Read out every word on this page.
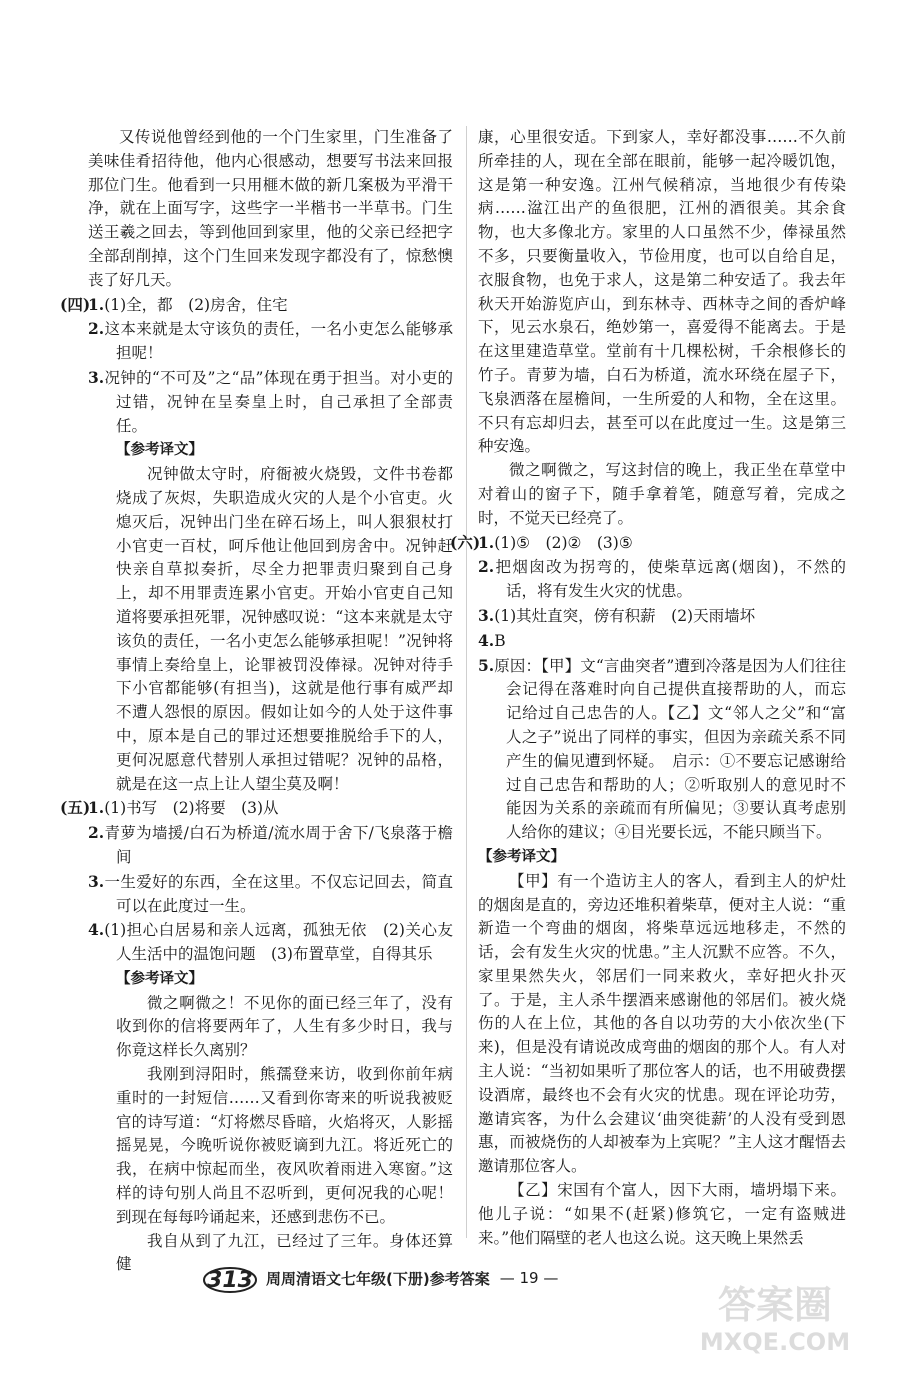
又传说他曾经到他的一个门生家里，门生准备了美味佳肴招待他，他内心很感动，想要写书法来回报那位门生。他看到一只用榧木做的新几案极为平滑干净，就在上面写字，这些字一半楷书一半草书。门生送王羲之回去，等到他回到家里，他的父亲已经把字全部刮削掉，这个门生回来发现字都没有了，惊愁懊丧了好几天。

(四)1.(1)全，都　(2)房舍，住宅

2.这本来就是太守该负的责任，一名小吏怎么能够承担呢！

3.况钟的“不可及”之“品”体现在勇于担当。对小吏的过错，况钟在呈奏皇上时，自己承担了全部责任。

【参考译文】

况钟做太守时，府衙被火烧毁，文件书卷都烧成了灰烬，失职造成火灾的人是个小官吏。火熄灭后，况钟出门坐在碎石场上，叫人狠狠杖打小官吏一百杖，呵斥他让他回到房舍中。况钟赶快亲自草拟奏折，尽全力把罪责归聚到自己身上，却不用罪责连累小官吏。开始小官吏自己知道将要承担死罪，况钟感叹说：“这本来就是太守该负的责任，一名小吏怎么能够承担呢！”况钟将事情上奏给皇上，论罪被罚没俸禄。况钟对待手下小官都能够(有担当)，这就是他行事有威严却不遭人怨恨的原因。假如让如今的人处于这件事中，原本是自己的罪过还想要推脱给手下的人，更何况愿意代替别人承担过错呢？况钟的品格，就是在这一点上让人望尘莫及啊！

(五)1.(1)书写　(2)将要　(3)从

2.青萝为墙援/白石为桥道/流水周于舍下/飞泉落于檐间

3.一生爱好的东西，全在这里。不仅忘记回去，简直可以在此度过一生。

4.(1)担心白居易和亲人远离，孤独无依　(2)关心友人生活中的温饱问题　(3)布置草堂，自得其乐

【参考译文】

微之啊微之！不见你的面已经三年了，没有收到你的信将要两年了，人生有多少时日，我与你竟这样长久离别？

我刚到浔阳时，熊孺登来访，收到你前年病重时的一封短信……又看到你寄来的听说我被贬官的诗写道：“灯将燃尽昏暗，火焰将灭，人影摇摇晃晃，今晚听说你被贬谪到九江。将近死亡的我，在病中惊起而坐，夜风吹着雨进入寒窗。”这样的诗句别人尚且不忍听到，更何况我的心呢！到现在每每吟诵起来，还感到悲伤不已。

我自从到了九江，已经过了三年。身体还算健

康，心里很安适。下到家人，幸好都没事……不久前所牵挂的人，现在全部在眼前，能够一起冷暖饥饱，这是第一种安逸。江州气候稍凉，当地很少有传染病……湓江出产的鱼很肥，江州的酒很美。其余食物，也大多像北方。家里的人口虽然不少，俸禄虽然不多，只要衡量收入，节俭用度，也可以自给自足，衣服食物，也免于求人，这是第二种安适了。我去年秋天开始游览庐山，到东林寺、西林寺之间的香炉峰下，见云水泉石，绝妙第一，喜爱得不能离去。于是在这里建造草堂。堂前有十几棵松树，千余根修长的竹子。青萝为墙，白石为桥道，流水环绕在屋子下，飞泉洒落在屋檐间，一生所爱的人和物，全在这里。不只有忘却归去，甚至可以在此度过一生。这是第三种安逸。

微之啊微之，写这封信的晚上，我正坐在草堂中对着山的窗子下，随手拿着笔，随意写着，完成之时，不觉天已经亮了。

(六)1.(1)⑤　(2)②　(3)⑤

2.把烟囱改为拐弯的，使柴草远离(烟囱)，不然的话，将有发生火灾的忧患。

3.(1)其灶直突，傍有积薪　(2)天雨墙坏

4.B

5.原因：【甲】文“言曲突者”遭到冷落是因为人们往往会记得在落难时向自己提供直接帮助的人，而忘记给过自己忠告的人。【乙】文“邻人之父”和“富人之子”说出了同样的事实，但因为亲疏关系不同产生的偏见遭到怀疑。　启示：①不要忘记感谢给过自己忠告和帮助的人；②听取别人的意见时不能因为关系的亲疏而有所偏见；③要认真考虑别人给你的建议；④目光要长远，不能只顾当下。

【参考译文】

【甲】有一个造访主人的客人，看到主人的炉灶的烟囱是直的，旁边还堆积着柴草，便对主人说：“重新造一个弯曲的烟囱，将柴草远远地移走，不然的话，会有发生火灾的忧患。”主人沉默不应答。不久，家里果然失火，邻居们一同来救火，幸好把火扑灭了。于是，主人杀牛摆酒来感谢他的邻居们。被火烧伤的人在上位，其他的各自以功劳的大小依次坐(下来)，但是没有请说改成弯曲的烟囱的那个人。有人对主人说：“当初如果听了那位客人的话，也不用破费摆设酒席，最终也不会有火灾的忧患。现在评论功劳，邀请宾客，为什么会建议‘曲突徙薪’的人没有受到恩惠，而被烧伤的人却被奉为上宾呢？”主人这才醒悟去邀请那位客人。

【乙】宋国有个富人，因下大雨，墙坍塌下来。他儿子说：“如果不(赶紧)修筑它，一定有盗贼进来。”他们隔壁的老人也这么说。这天晚上果然丢

313 周周清语文七年级(下册)参考答案 — 19 —
答案圈
MXQE.COM
